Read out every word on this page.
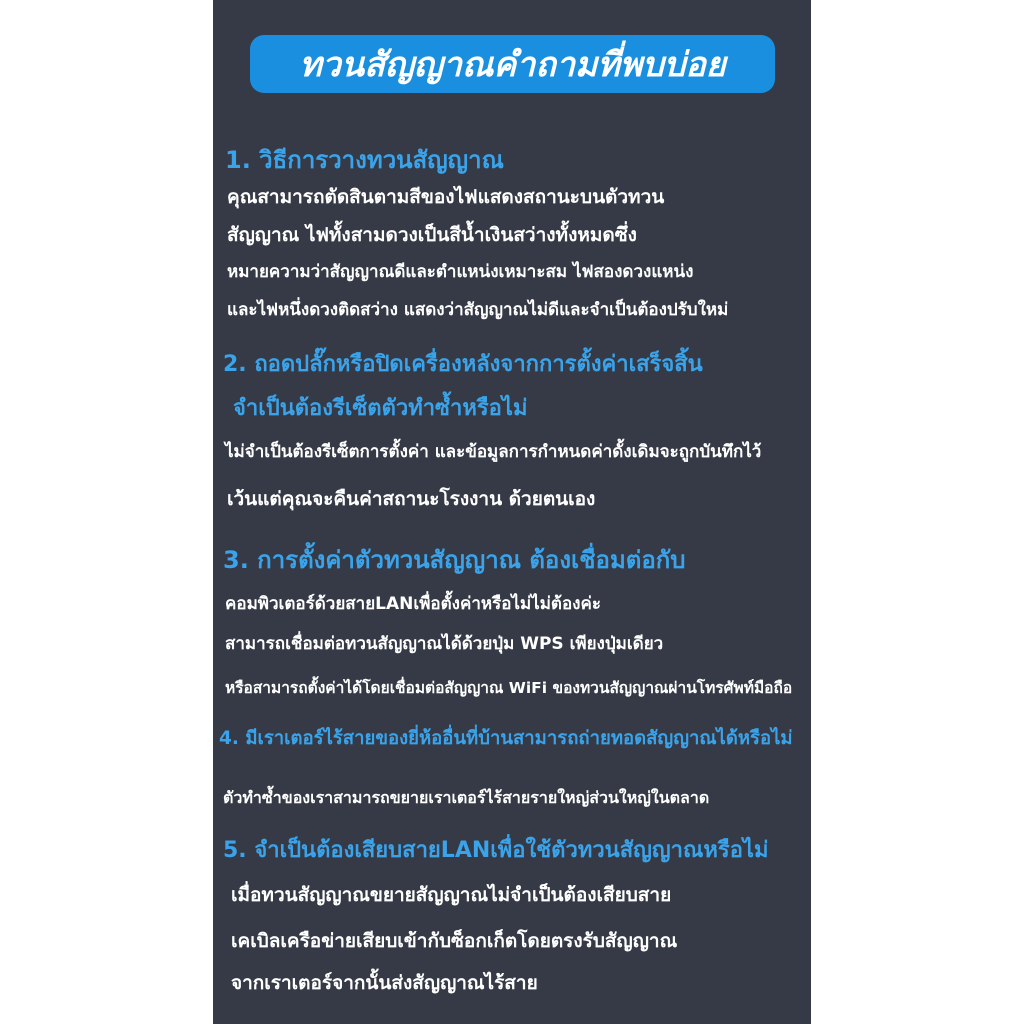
ทวนสัญญาณคำถามที่พบบ่อย
1. วิธีการวางทวนสัญญาณ
คุณสามารถตัดสินตามสีของไฟแสดงสถานะบนตัวทวน
สัญญาณ ไฟทั้งสามดวงเป็นสีน้ำเงินสว่างทั้งหมดซึ่ง
หมายความว่าสัญญาณดีและตำแหน่งเหมาะสม ไฟสองดวงแหน่ง
และไฟหนึ่งดวงติดสว่าง แสดงว่าสัญญาณไม่ดีและจำเป็นต้องปรับใหม่
2. ถอดปลั๊กหรือปิดเครื่องหลังจากการตั้งค่าเสร็จสิ้น
จำเป็นต้องรีเซ็ตตัวทำซ้ำหรือไม่
ไม่จำเป็นต้องรีเซ็ตการตั้งค่า และข้อมูลการกำหนดค่าดั้งเดิมจะถูกบันทึกไว้
เว้นแต่คุณจะคืนค่าสถานะโรงงาน ด้วยตนเอง
3. การตั้งค่าตัวทวนสัญญาณ ต้องเชื่อมต่อกับ
คอมพิวเตอร์ด้วยสายLANเพื่อตั้งค่าหรือไม่ไม่ต้องค่ะ
สามารถเชื่อมต่อทวนสัญญาณได้ด้วยปุ่ม WPS เพียงปุ่มเดียว
หรือสามารถตั้งค่าได้โดยเชื่อมต่อสัญญาณ WiFi ของทวนสัญญาณผ่านโทรศัพท์มือถือ
4. มีเราเตอร์ไร้สายของยี่ห้ออื่นที่บ้านสามารถถ่ายทอดสัญญาณได้หรือไม่
ตัวทำซ้ำของเราสามารถขยายเราเตอร์ไร้สายรายใหญ่ส่วนใหญ่ในตลาด
5. จำเป็นต้องเสียบสายLANเพื่อใช้ตัวทวนสัญญาณหรือไม่
เมื่อทวนสัญญาณขยายสัญญาณไม่จำเป็นต้องเสียบสาย
เคเบิลเครือข่ายเสียบเข้ากับซ็อกเก็ตโดยตรงรับสัญญาณ
จากเราเตอร์จากนั้นส่งสัญญาณไร้สาย
